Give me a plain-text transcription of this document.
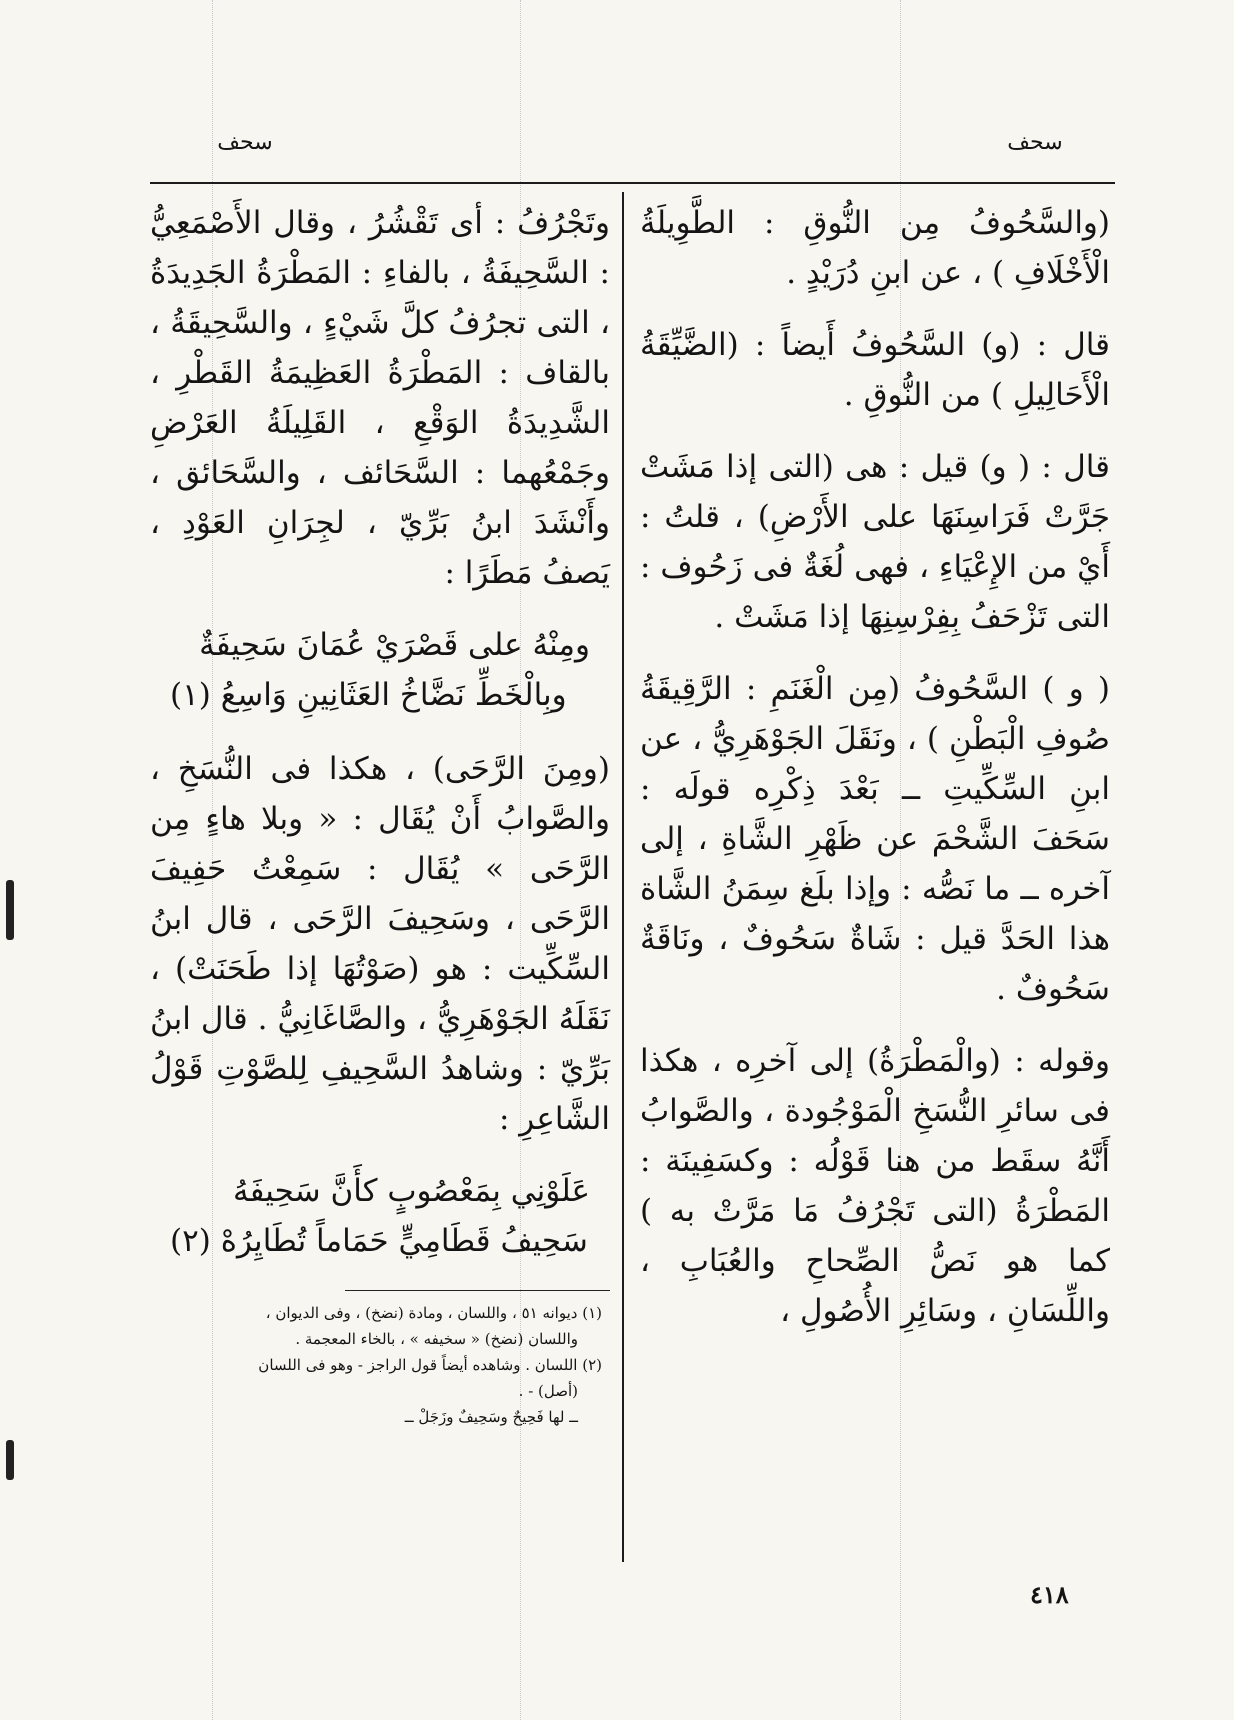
سحف
سحف

(والسَّحُوفُ مِن النُّوقِ : الطَّوِيلَةُ الْأَخْلَافِ ) ، عن ابنِ دُرَيْدٍ .

قال : (و) السَّحُوفُ أَيضاً : (الضَّيِّقَةُ الْأَحَالِيلِ ) من النُّوقِ .

قال : ( و) قيل : هى (التى إذا مَشَتْ جَرَّتْ فَرَاسِنَهَا على الأَرْضِ) ، قلتُ : أَيْ من الإِعْيَاءِ ، فهى لُغَةٌ فى زَحُوف : التى تَزْحَفُ بِفِرْسِنِهَا إذا مَشَتْ .

( و ) السَّحُوفُ (مِن الْغَنَمِ : الرَّقِيقَةُ صُوفِ الْبَطْنِ ) ، ونَقَلَ الجَوْهَرِيُّ ، عن ابنِ السِّكِّيتِ ــ بَعْدَ ذِكْرِه قولَه : سَحَفَ الشَّحْمَ عن ظَهْرِ الشَّاةِ ، إلى آخره ــ ما نَصُّه : وإذا بلَغ سِمَنُ الشَّاة هذا الحَدَّ قيل : شَاةٌ سَحُوفٌ ، ونَاقَةٌ سَحُوفٌ .

وقوله : (والْمَطْرَةُ) إلى آخرِه ، هكذا فى سائرِ النُّسَخِ الْمَوْجُودة ، والصَّوابُ أَنَّهُ سقَط من هنا قَوْلُه : وكسَفِينَة : المَطْرَةُ (التى تَجْرُفُ مَا مَرَّتْ به ) كما هو نَصُّ الصِّحاحِ والعُبَابِ ، واللِّسَانِ ، وسَائِرِ الأُصُولِ ،

وتَجْرُفُ : أى تَقْشُرُ ، وقال الأَصْمَعِيُّ : السَّحِيفَةُ ، بالفاءِ : المَطْرَةُ الجَدِيدَةُ ، التى تجرُفُ كلَّ شَيْءٍ ، والسَّحِيقَةُ ، بالقاف : المَطْرَةُ العَظِيمَةُ القَطْرِ ، الشَّدِيدَةُ الوَقْعِ ، القَلِيلَةُ العَرْضِ وجَمْعُهما : السَّحَائف ، والسَّحَائق ، وأَنْشَدَ ابنُ بَرِّيّ ، لجِرَانِ العَوْدِ ، يَصفُ مَطَرًا :

ومِنْهُ على قَصْرَيْ عُمَانَ سَحِيفَةٌ
وبِالْخَطِّ نَضَّاخُ العَثَانِينِ وَاسِعُ (١)

(ومِنَ الرَّحَى) ، هكذا فى النُّسَخِ ، والصَّوابُ أَنْ يُقَال : « وبلا هاءٍ مِن الرَّحَى » يُقَال : سَمِعْتُ حَفِيفَ الرَّحَى ، وسَحِيفَ الرَّحَى ، قال ابنُ السِّكِّيت : هو (صَوْتُهَا إذا طَحَنَتْ) ، نَقَلَهُ الجَوْهَرِيُّ ، والصَّاغَانِيُّ . قال ابنُ بَرِّيّ : وشاهدُ السَّحِيفِ لِلصَّوْتِ قَوْلُ الشَّاعِرِ :

عَلَوْنِي بِمَعْصُوبٍ كأَنَّ سَحِيفَهُ
سَحِيفُ قَطَامِيٍّ حَمَاماً تُطَايِرُهْ (٢)
(١) ديوانه ٥١ ، واللسان ، ومادة (نضخ) ، وفى الديوان ،
واللسان (نضخ) « سخيفه » ، بالخاء المعجمة .
(٢) اللسان . وشاهده أيضاً قول الراجز - وهو فى اللسان
(أصل) - .
ــ لها فَحِيحٌ وسَحِيفٌ وزَجَلْ ــ
٤١٨
